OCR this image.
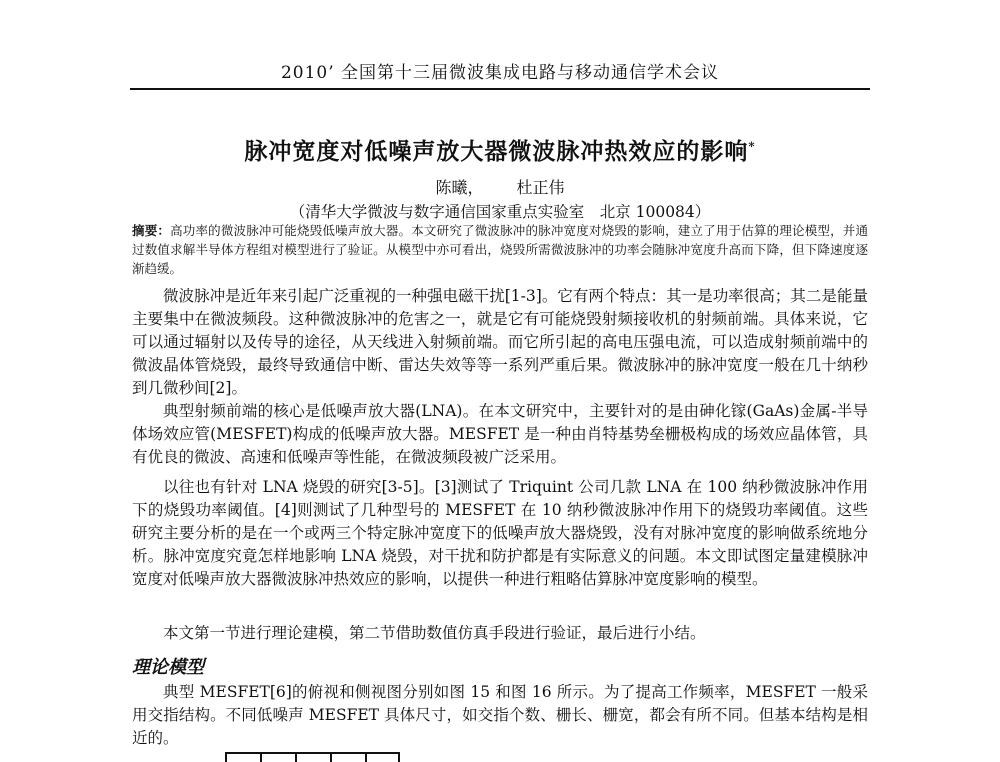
2010’ 全国第十三届微波集成电路与移动通信学术会议
脉冲宽度对低噪声放大器微波脉冲热效应的影响*
陈曦， 杜正伟
（清华大学微波与数字通信国家重点实验室　北京 100084）
摘要：高功率的微波脉冲可能烧毁低噪声放大器。本文研究了微波脉冲的脉冲宽度对烧毁的影响，建立了用于估算的理论模型，并通过数值求解半导体方程组对模型进行了验证。从模型中亦可看出，烧毁所需微波脉冲的功率会随脉冲宽度升高而下降，但下降速度逐渐趋缓。

微波脉冲是近年来引起广泛重视的一种强电磁干扰[1-3]。它有两个特点：其一是功率很高；其二是能量主要集中在微波频段。这种微波脉冲的危害之一，就是它有可能烧毁射频接收机的射频前端。具体来说，它可以通过辐射以及传导的途径，从天线进入射频前端。而它所引起的高电压强电流，可以造成射频前端中的微波晶体管烧毁，最终导致通信中断、雷达失效等等一系列严重后果。微波脉冲的脉冲宽度一般在几十纳秒到几微秒间[2]。

典型射频前端的核心是低噪声放大器(LNA)。在本文研究中，主要针对的是由砷化镓(GaAs)金属-半导体场效应管(MESFET)构成的低噪声放大器。MESFET 是一种由肖特基势垒栅极构成的场效应晶体管，具有优良的微波、高速和低噪声等性能，在微波频段被广泛采用。

以往也有针对 LNA 烧毁的研究[3-5]。[3]测试了 Triquint 公司几款 LNA 在 100 纳秒微波脉冲作用下的烧毁功率阈值。[4]则测试了几种型号的 MESFET 在 10 纳秒微波脉冲作用下的烧毁功率阈值。这些研究主要分析的是在一个或两三个特定脉冲宽度下的低噪声放大器烧毁，没有对脉冲宽度的影响做系统地分析。脉冲宽度究竟怎样地影响 LNA 烧毁，对干扰和防护都是有实际意义的问题。本文即试图定量建模脉冲宽度对低噪声放大器微波脉冲热效应的影响，以提供一种进行粗略估算脉冲宽度影响的模型。

本文第一节进行理论建模，第二节借助数值仿真手段进行验证，最后进行小结。

理论模型

典型 MESFET[6]的俯视和侧视图分别如图 15 和图 16 所示。为了提高工作频率，MESFET 一般采用交指结构。不同低噪声 MESFET 具体尺寸，如交指个数、栅长、栅宽，都会有所不同。但基本结构是相近的。
